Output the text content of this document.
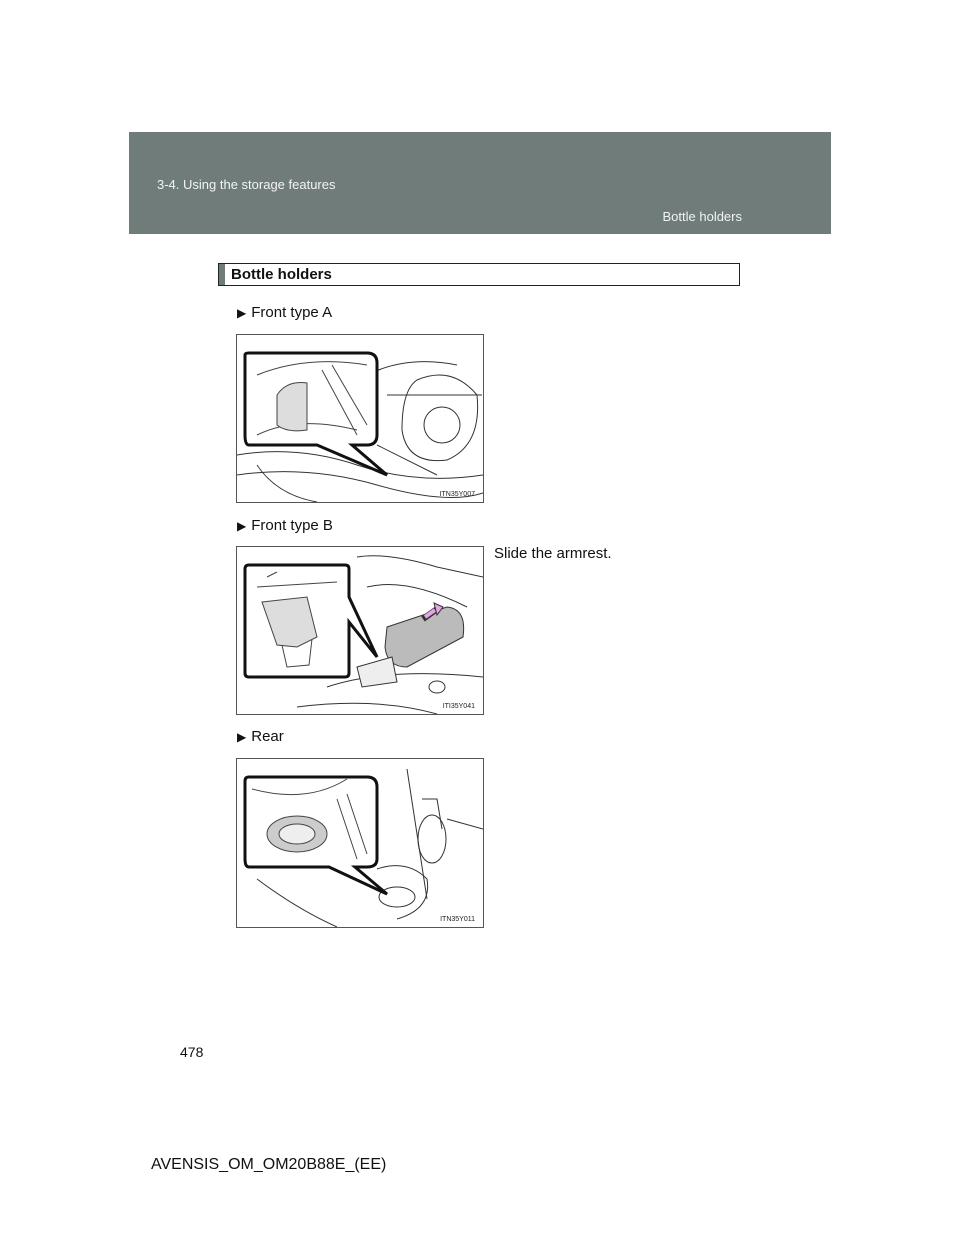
3-4. Using the storage features
Bottle holders
Bottle holders
▶ Front type A
ITN35Y007
▶ Front type B
ITI35Y041
Slide the armrest.
▶ Rear
ITN35Y011
478
AVENSIS_OM_OM20B88E_(EE)
